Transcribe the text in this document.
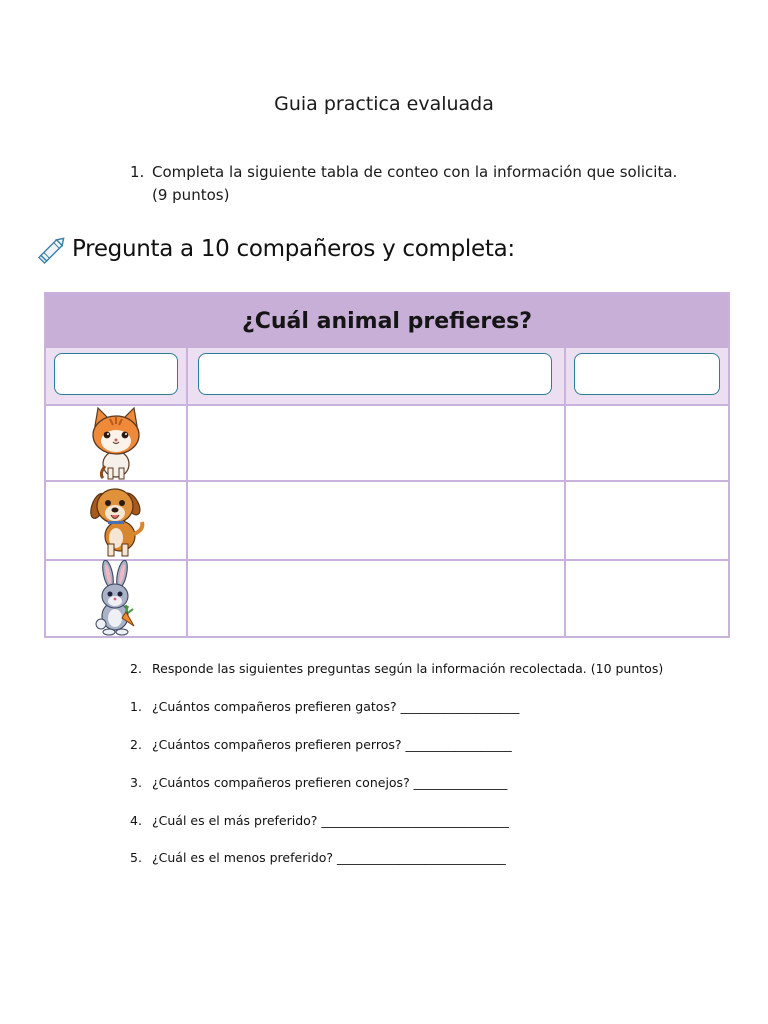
Guia practica evaluada
1. Completa la siguiente tabla de conteo con la información que solicita.
(9 puntos)
Pregunta a 10 compañeros y completa:
¿Cuál animal prefieres?
2. Responde las siguientes preguntas según la información recolectada. (10 puntos)
1. ¿Cuántos compañeros prefieren gatos? ___________________
2. ¿Cuántos compañeros prefieren perros? _________________
3. ¿Cuántos compañeros prefieren conejos? _______________
4. ¿Cuál es el más preferido? ______________________________
5. ¿Cuál es el menos preferido? ___________________________
